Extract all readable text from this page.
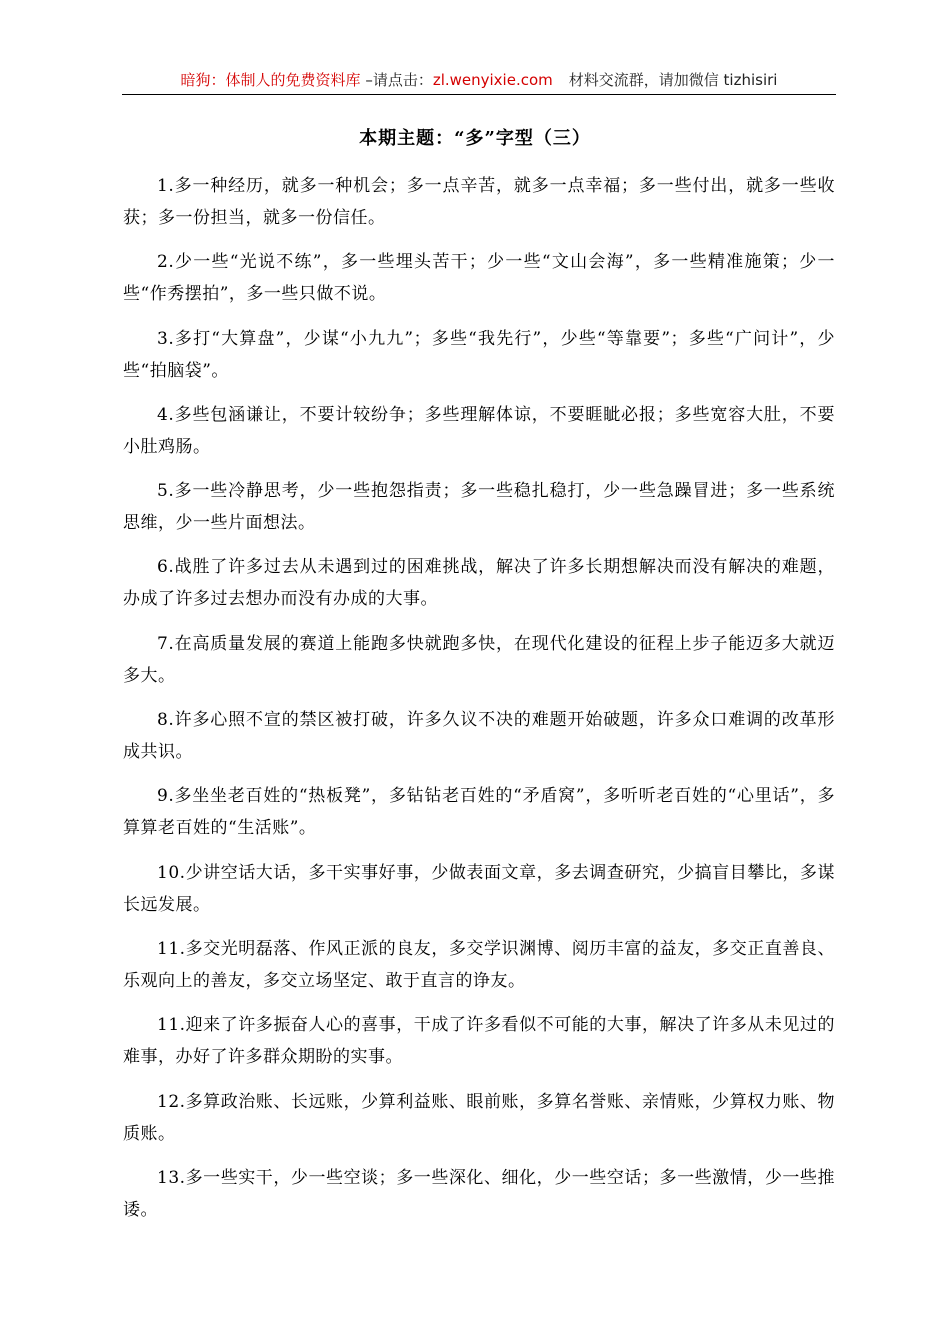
暗狗：体制人的免费资料库 –请点击：zl.wenyixie.com 材料交流群，请加微信 tizhisiri
本期主题：“多”字型（三）

1.多一种经历，就多一种机会；多一点辛苦，就多一点幸福；多一些付出，就多一些收获；多一份担当，就多一份信任。

2.少一些“光说不练”，多一些埋头苦干；少一些“文山会海”，多一些精准施策；少一些“作秀摆拍”，多一些只做不说。

3.多打“大算盘”，少谋“小九九”；多些“我先行”，少些“等靠要”；多些“广问计”，少些“拍脑袋”。

4.多些包涵谦让，不要计较纷争；多些理解体谅，不要睚眦必报；多些宽容大肚，不要小肚鸡肠。

5.多一些冷静思考，少一些抱怨指责；多一些稳扎稳打，少一些急躁冒进；多一些系统思维，少一些片面想法。

6.战胜了许多过去从未遇到过的困难挑战，解决了许多长期想解决而没有解决的难题，办成了许多过去想办而没有办成的大事。

7.在高质量发展的赛道上能跑多快就跑多快，在现代化建设的征程上步子能迈多大就迈多大。

8.许多心照不宣的禁区被打破，许多久议不决的难题开始破题，许多众口难调的改革形成共识。

9.多坐坐老百姓的“热板凳”，多钻钻老百姓的“矛盾窝”，多听听老百姓的“心里话”，多算算老百姓的“生活账”。

10.少讲空话大话，多干实事好事，少做表面文章，多去调查研究，少搞盲目攀比，多谋长远发展。

11.多交光明磊落、作风正派的良友，多交学识渊博、阅历丰富的益友，多交正直善良、乐观向上的善友，多交立场坚定、敢于直言的诤友。

11.迎来了许多振奋人心的喜事，干成了许多看似不可能的大事，解决了许多从未见过的难事，办好了许多群众期盼的实事。

12.多算政治账、长远账，少算利益账、眼前账，多算名誉账、亲情账，少算权力账、物质账。

13.多一些实干，少一些空谈；多一些深化、细化，少一些空话；多一些激情，少一些推诿。
